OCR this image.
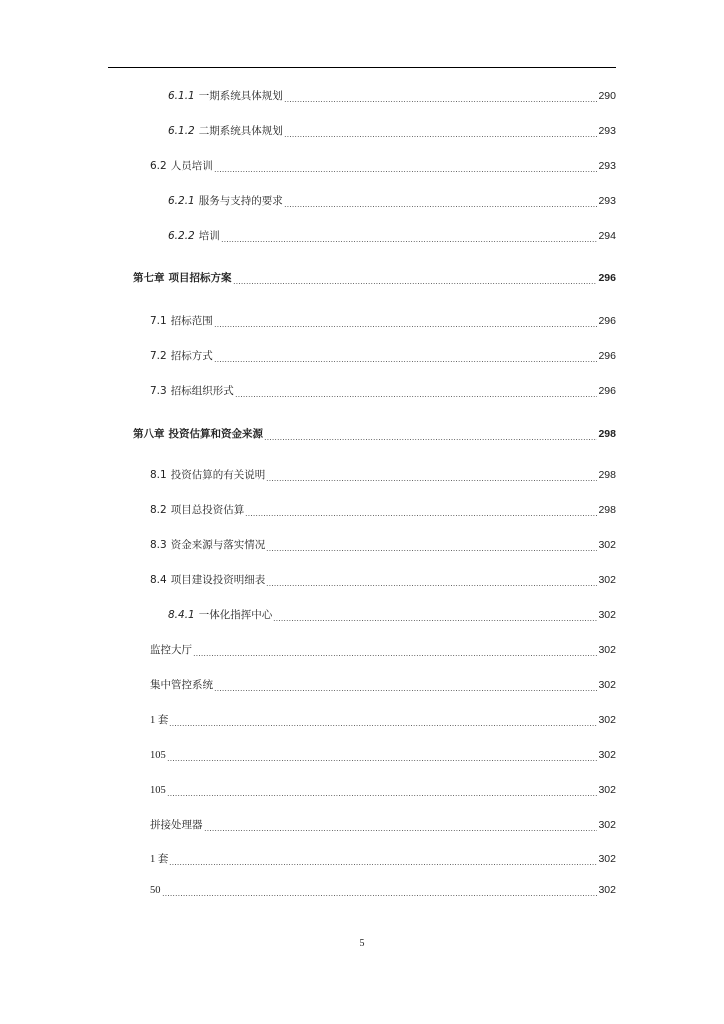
6.1.1 一期系统具体规划	290
6.1.2 二期系统具体规划	293
6.2 人员培训	293
6.2.1 服务与支持的要求	293
6.2.2 培训	294
第七章 项目招标方案	296
7.1 招标范围	296
7.2 招标方式	296
7.3 招标组织形式	296
第八章 投资估算和资金来源	298
8.1 投资估算的有关说明	298
8.2 项目总投资估算	298
8.3 资金来源与落实情况	302
8.4 项目建设投资明细表	302
8.4.1 一体化指挥中心	302
监控大厅	302
集中管控系统	302
1 套	302
105	302
105	302
拼接处理器	302
1 套	302
50	302
5
